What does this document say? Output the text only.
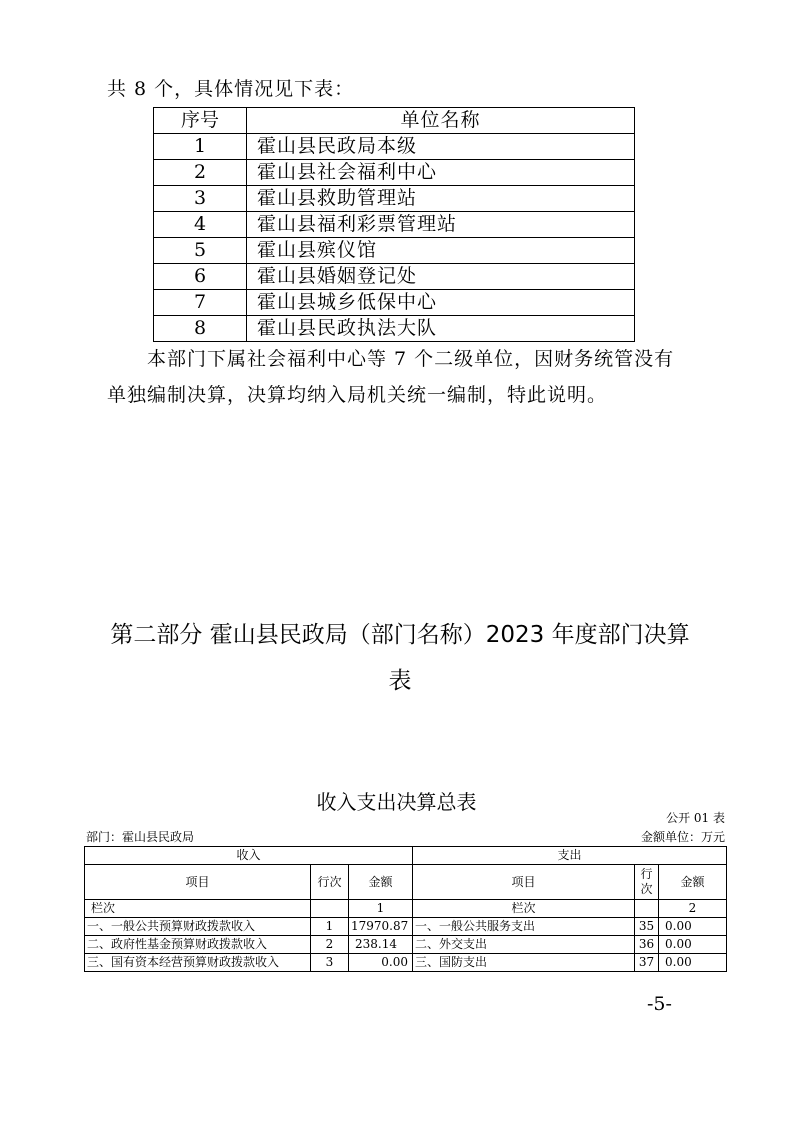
共 8 个，具体情况见下表：
序号	单位名称
1	霍山县民政局本级
2	霍山县社会福利中心
3	霍山县救助管理站
4	霍山县福利彩票管理站
5	霍山县殡仪馆
6	霍山县婚姻登记处
7	霍山县城乡低保中心
8	霍山县民政执法大队

本部门下属社会福利中心等 7 个二级单位，因财务统管没有单独编制决算，决算均纳入局机关统一编制，特此说明。

第二部分 霍山县民政局（部门名称）2023 年度部门决算
表
收入支出决算总表
公开 01 表
部门：霍山县民政局	金额单位：万元
收入			支出		
项目	行次	金额	项目	行次	金额
栏次		1	栏次		2
一、一般公共预算财政拨款收入	1	17970.87	一、一般公共服务支出	35	0.00
二、政府性基金预算财政拨款收入	2	238.14	二、外交支出	36	0.00
三、国有资本经营预算财政拨款收入	3	0.00	三、国防支出	37	0.00
-5-
